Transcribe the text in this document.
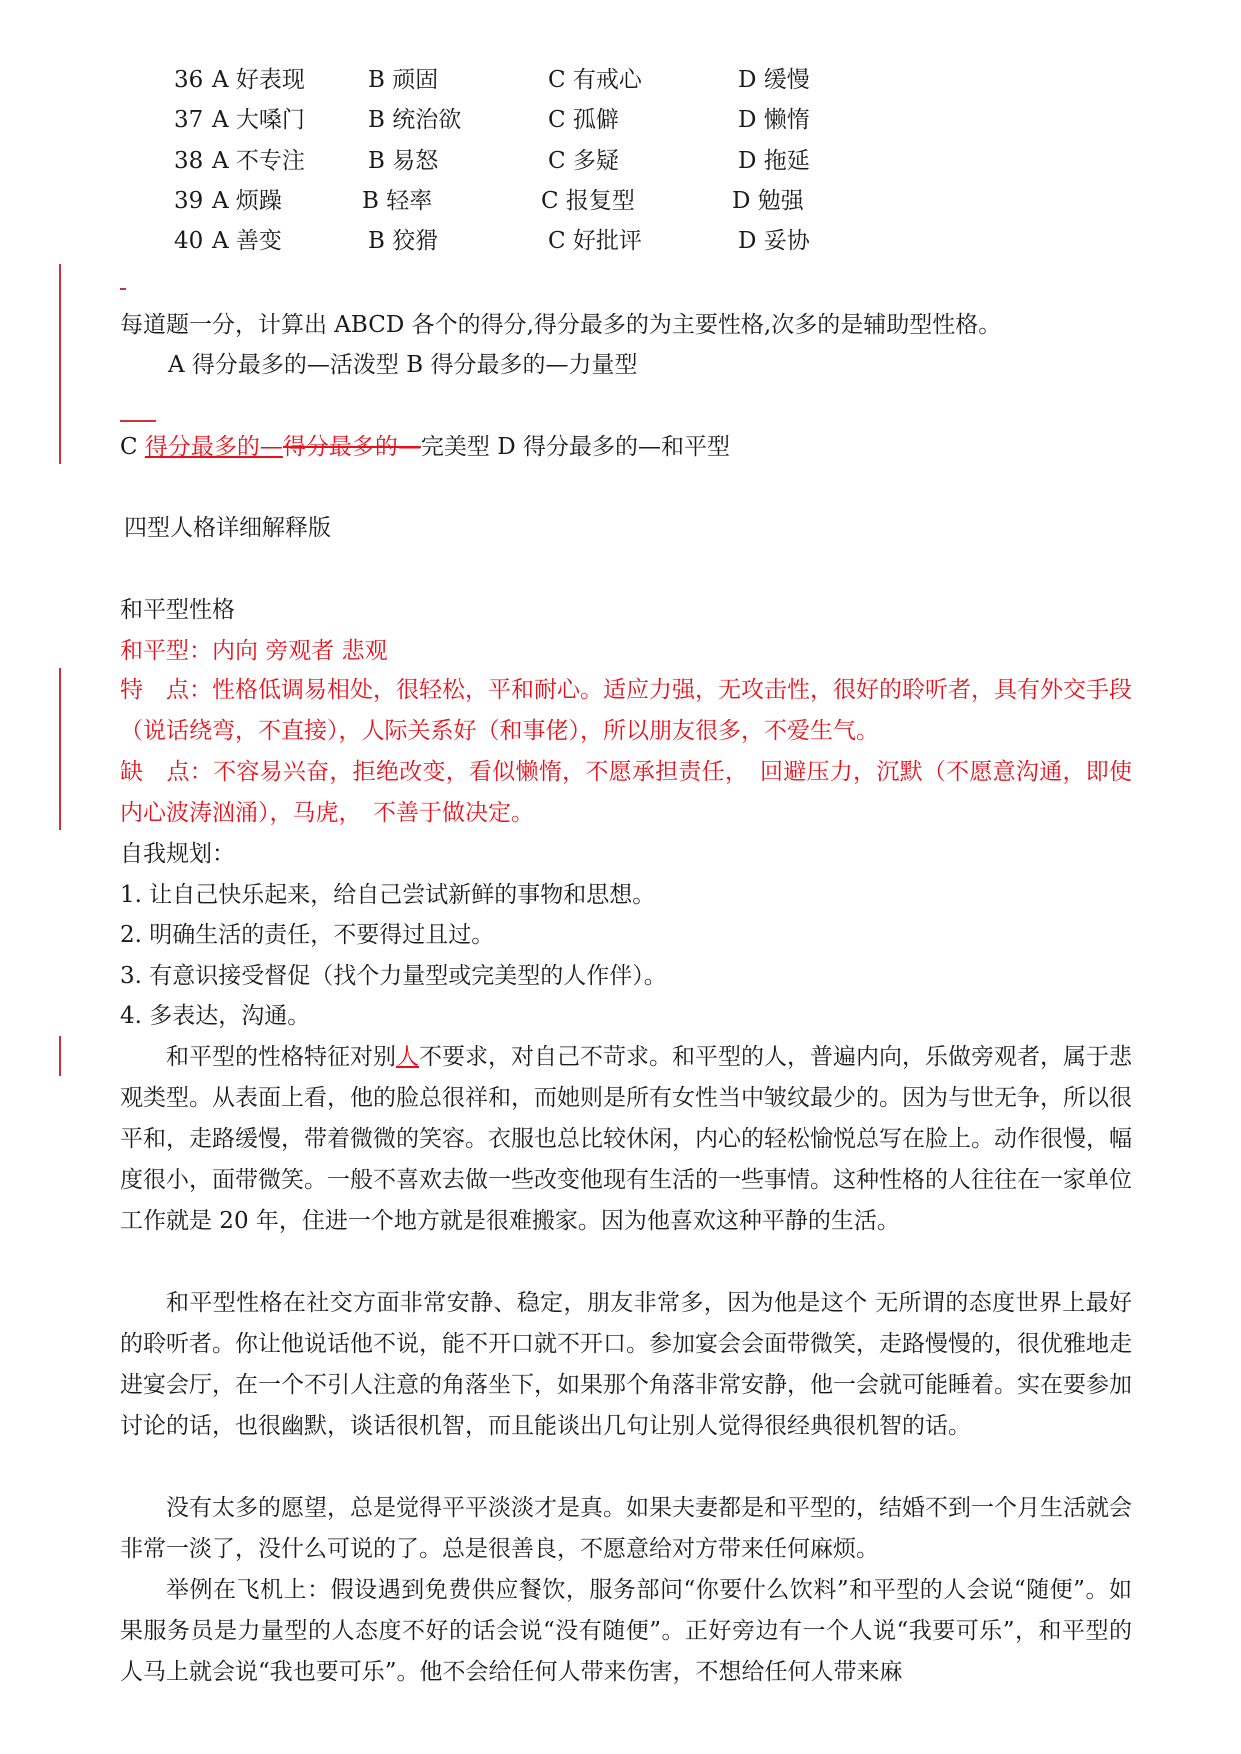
36 A 好表现	B 顽固	C 有戒心	D 缓慢
37 A 大嗓门	B 统治欲	C 孤僻	D 懒惰
38 A 不专注	B 易怒	C 多疑	D 拖延
39 A 烦躁	B 轻率	C 报复型	D 勉强
40 A 善变	B 狡猾	C 好批评	D 妥协
每道题一分，计算出 ABCD 各个的得分,得分最多的为主要性格,次多的是辅助型性格。
A 得分最多的—活泼型 B 得分最多的—力量型
C 得分最多的—得分最多的—完美型 D 得分最多的—和平型
四型人格详细解释版
和平型性格
和平型：内向 旁观者 悲观
特　点：性格低调易相处，很轻松，平和耐心。适应力强，无攻击性，很好的聆听者，具有外交手段（说话绕弯，不直接），人际关系好（和事佬），所以朋友很多，不爱生气。
缺　点：不容易兴奋，拒绝改变，看似懒惰，不愿承担责任，　回避压力，沉默（不愿意沟通，即使内心波涛汹涌），马虎，　不善于做决定。
自我规划：
1. 让自己快乐起来，给自己尝试新鲜的事物和思想。
2. 明确生活的责任，不要得过且过。
3. 有意识接受督促（找个力量型或完美型的人作伴）。
4. 多表达，沟通。
和平型的性格特征对别人不要求，对自己不苛求。和平型的人，普遍内向，乐做旁观者，属于悲观类型。从表面上看，他的脸总很祥和，而她则是所有女性当中皱纹最少的。因为与世无争，所以很平和，走路缓慢，带着微微的笑容。衣服也总比较休闲，内心的轻松愉悦总写在脸上。动作很慢，幅度很小，面带微笑。一般不喜欢去做一些改变他现有生活的一些事情。这种性格的人往往在一家单位工作就是 20 年，住进一个地方就是很难搬家。因为他喜欢这种平静的生活。
和平型性格在社交方面非常安静、稳定，朋友非常多，因为他是这个 无所谓的态度世界上最好的聆听者。你让他说话他不说，能不开口就不开口。参加宴会会面带微笑，走路慢慢的，很优雅地走进宴会厅，在一个不引人注意的角落坐下，如果那个角落非常安静，他一会就可能睡着。实在要参加讨论的话，也很幽默，谈话很机智，而且能谈出几句让别人觉得很经典很机智的话。
没有太多的愿望，总是觉得平平淡淡才是真。如果夫妻都是和平型的，结婚不到一个月生活就会非常一淡了，没什么可说的了。总是很善良，不愿意给对方带来任何麻烦。
举例在飞机上：假设遇到免费供应餐饮，服务部问“你要什么饮料”和平型的人会说“随便”。如果服务员是力量型的人态度不好的话会说“没有随便”。正好旁边有一个人说“我要可乐”，和平型的人马上就会说“我也要可乐”。他不会给任何人带来伤害，不想给任何人带来麻
